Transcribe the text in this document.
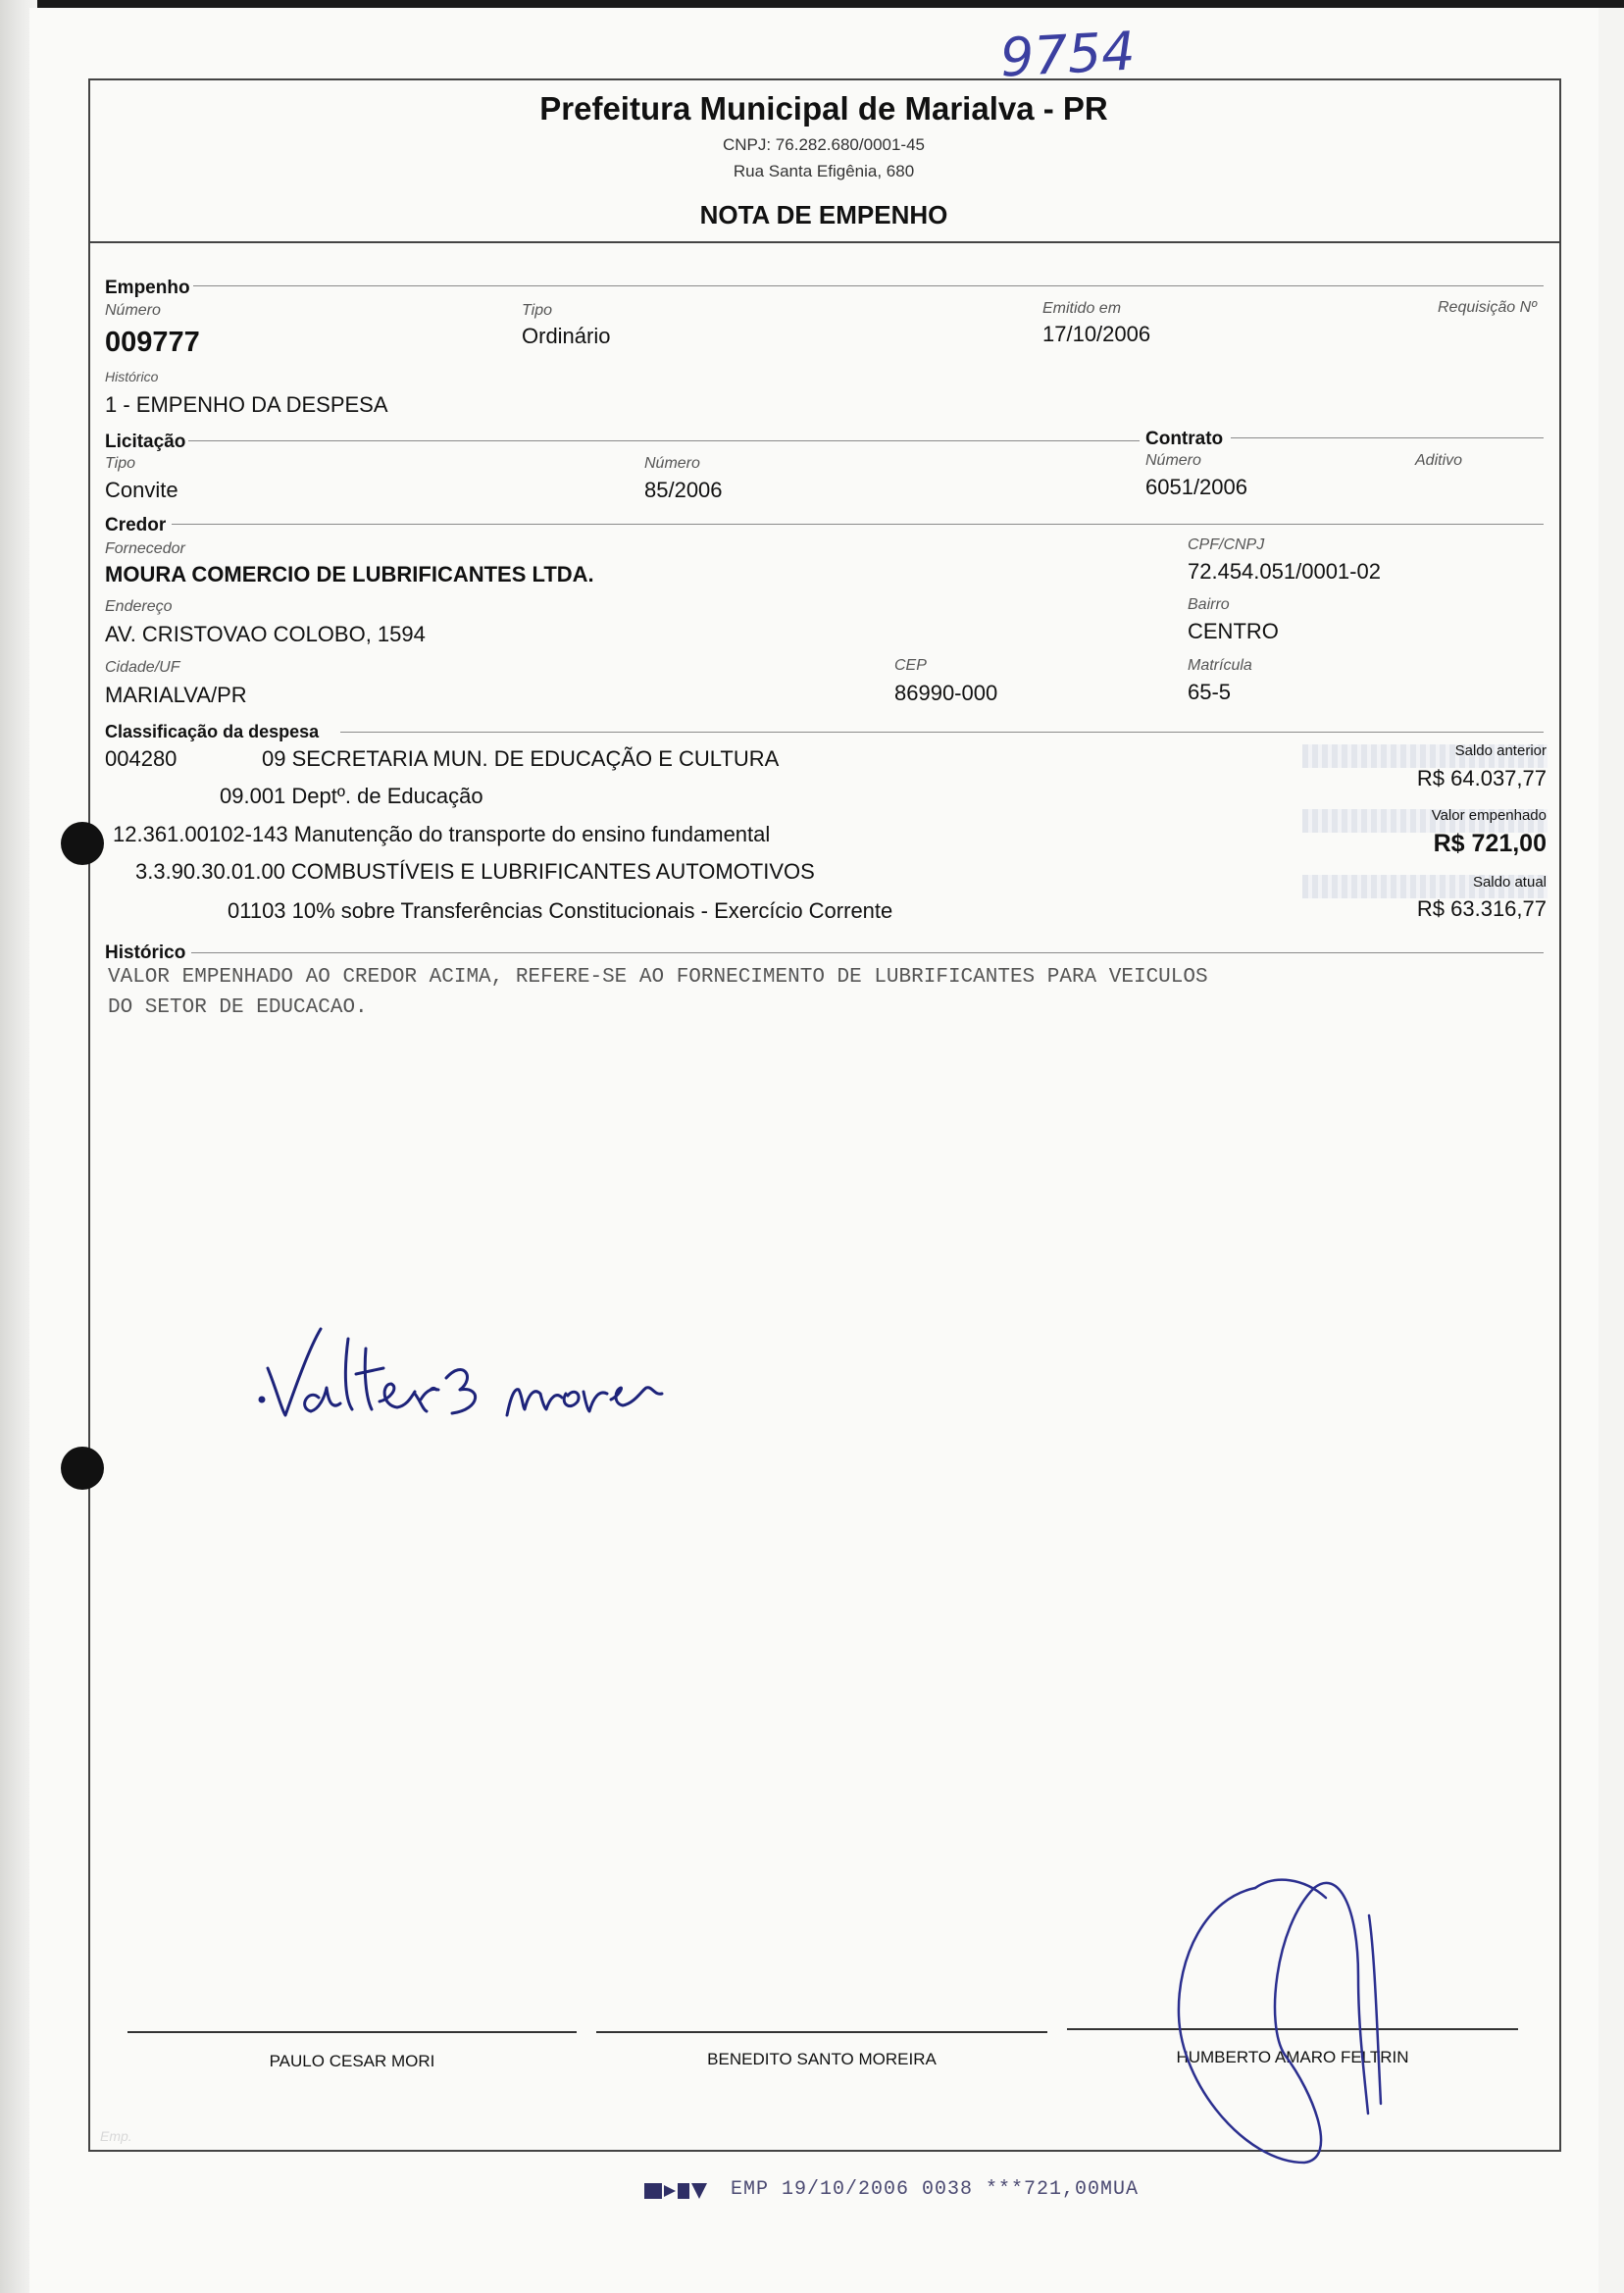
9754
Prefeitura Municipal de Marialva - PR
CNPJ: 76.282.680/0001-45
Rua Santa Efigênia, 680
NOTA DE EMPENHO
Empenho
Número	Tipo	Emitido em	Requisição Nº
009777	Ordinário	17/10/2006
Histórico
1 - EMPENHO DA DESPESA
Licitação	Contrato
Tipo	Número	Número	Aditivo
Convite	85/2006	6051/2006
Credor
Fornecedor	CPF/CNPJ
MOURA COMERCIO DE LUBRIFICANTES LTDA.	72.454.051/0001-02
Endereço	Bairro
AV. CRISTOVAO COLOBO, 1594	CENTRO
Cidade/UF	CEP	Matrícula
MARIALVA/PR	86990-000	65-5
Classificação da despesa
004280	09 SECRETARIA MUN. DE EDUCAÇÃO E CULTURA
09.001 Deptº. de Educação
12.361.00102-143 Manutenção do transporte do ensino fundamental
3.3.90.30.01.00 COMBUSTÍVEIS E LUBRIFICANTES AUTOMOTIVOS
01103 10% sobre Transferências Constitucionais - Exercício Corrente
Saldo anterior
R$ 64.037,77
Valor empenhado
R$ 721,00
Saldo atual
R$ 63.316,77
Histórico
VALOR EMPENHADO AO CREDOR ACIMA, REFERE-SE AO FORNECIMENTO DE LUBRIFICANTES PARA VEICULOS
DO SETOR DE EDUCACAO.
PAULO CESAR MORI	BENEDITO SANTO MOREIRA	HUMBERTO AMARO FELTRIN
Emp.
EMP 19/10/2006 0038 ***721,00MUA
